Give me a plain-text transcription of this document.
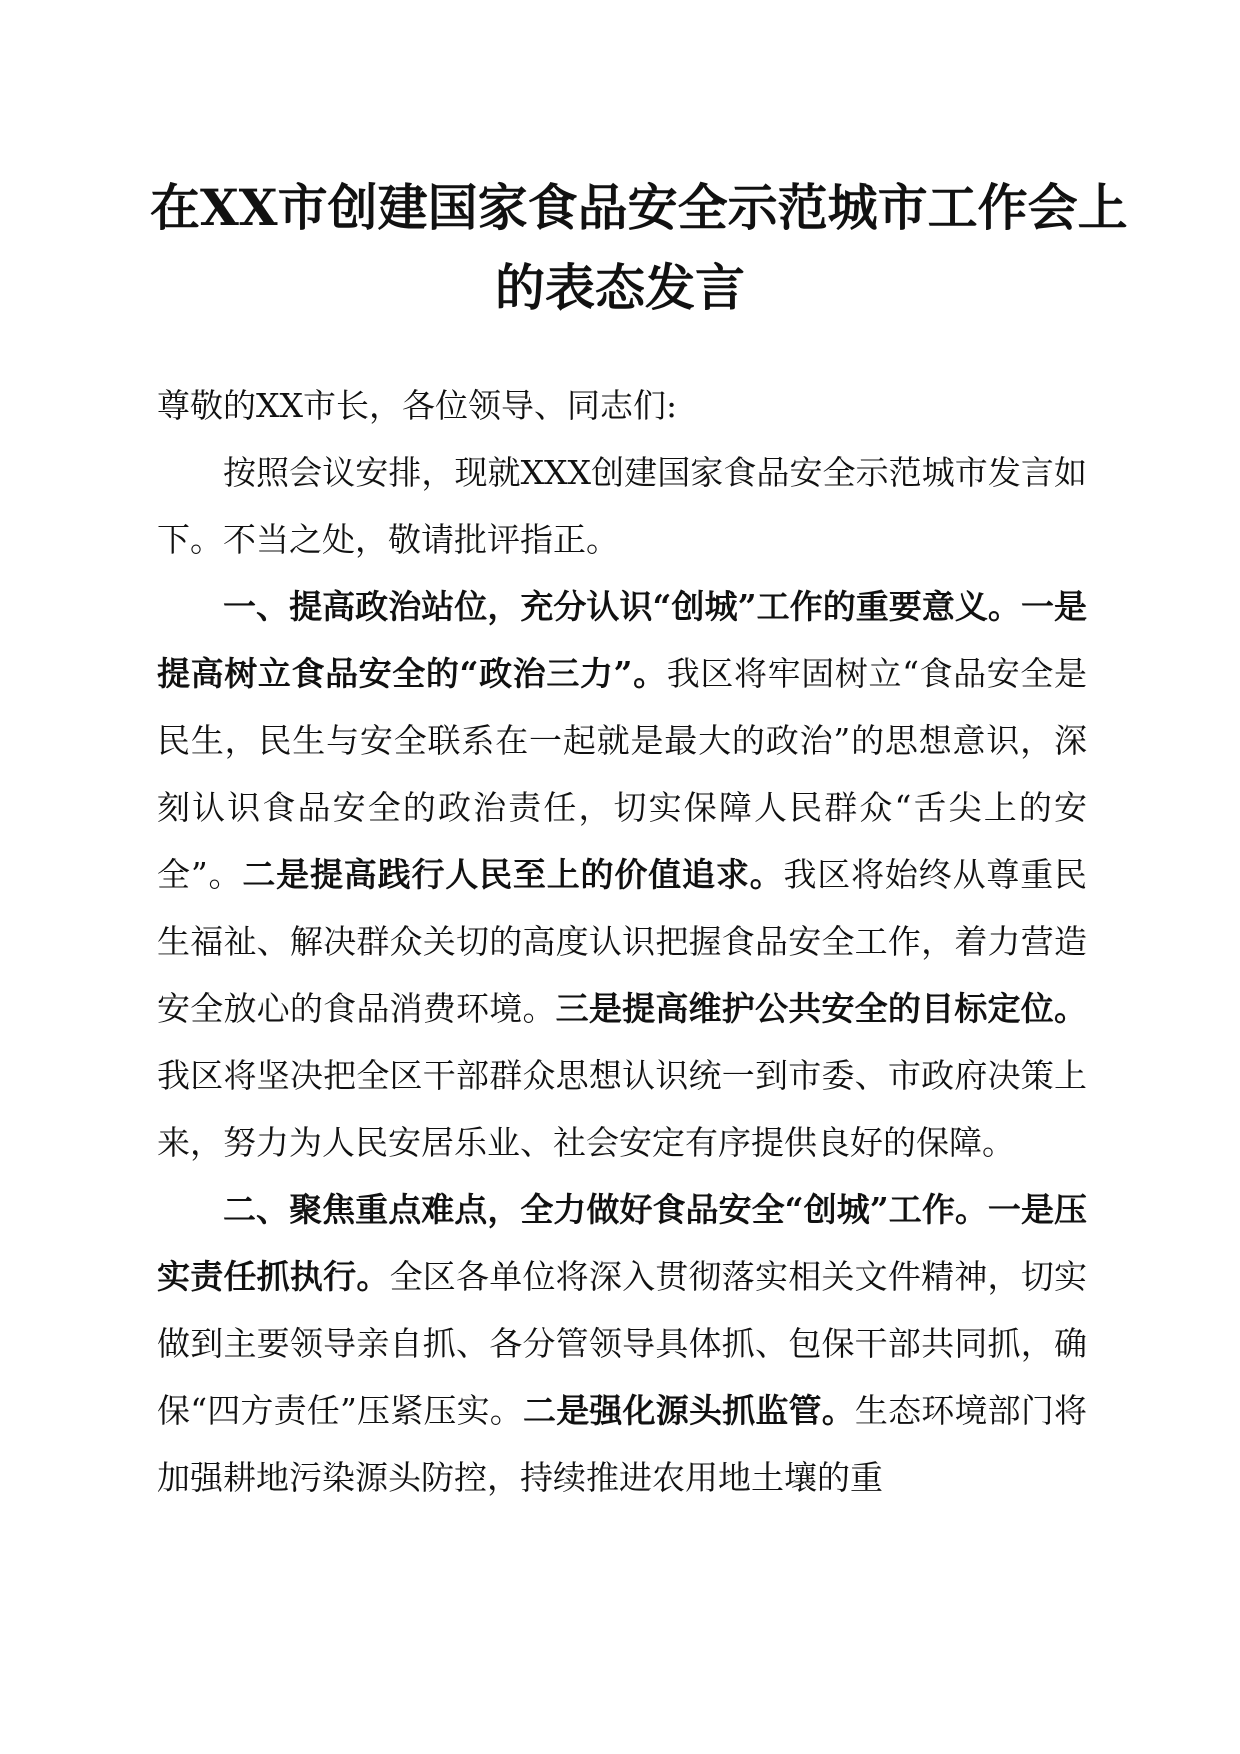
在XX市创建国家食品安全示范城市工作会上
的表态发言

尊敬的XX市长，各位领导、同志们:

按照会议安排，现就XXX创建国家食品安全示范城市发言如下。不当之处，敬请批评指正。

一、提高政治站位，充分认识“创城”工作的重要意义。一是提高树立食品安全的“政治三力”。我区将牢固树立“食品安全是民生，民生与安全联系在一起就是最大的政治”的思想意识，深刻认识食品安全的政治责任，切实保障人民群众“舌尖上的安全”。二是提高践行人民至上的价值追求。我区将始终从尊重民生福祉、解决群众关切的高度认识把握食品安全工作，着力营造安全放心的食品消费环境。三是提高维护公共安全的目标定位。我区将坚决把全区干部群众思想认识统一到市委、市政府决策上来，努力为人民安居乐业、社会安定有序提供良好的保障。

二、聚焦重点难点，全力做好食品安全“创城”工作。一是压实责任抓执行。全区各单位将深入贯彻落实相关文件精神，切实做到主要领导亲自抓、各分管领导具体抓、包保干部共同抓，确保“四方责任”压紧压实。二是强化源头抓监管。生态环境部门将加强耕地污染源头防控，持续推进农用地土壤的重
